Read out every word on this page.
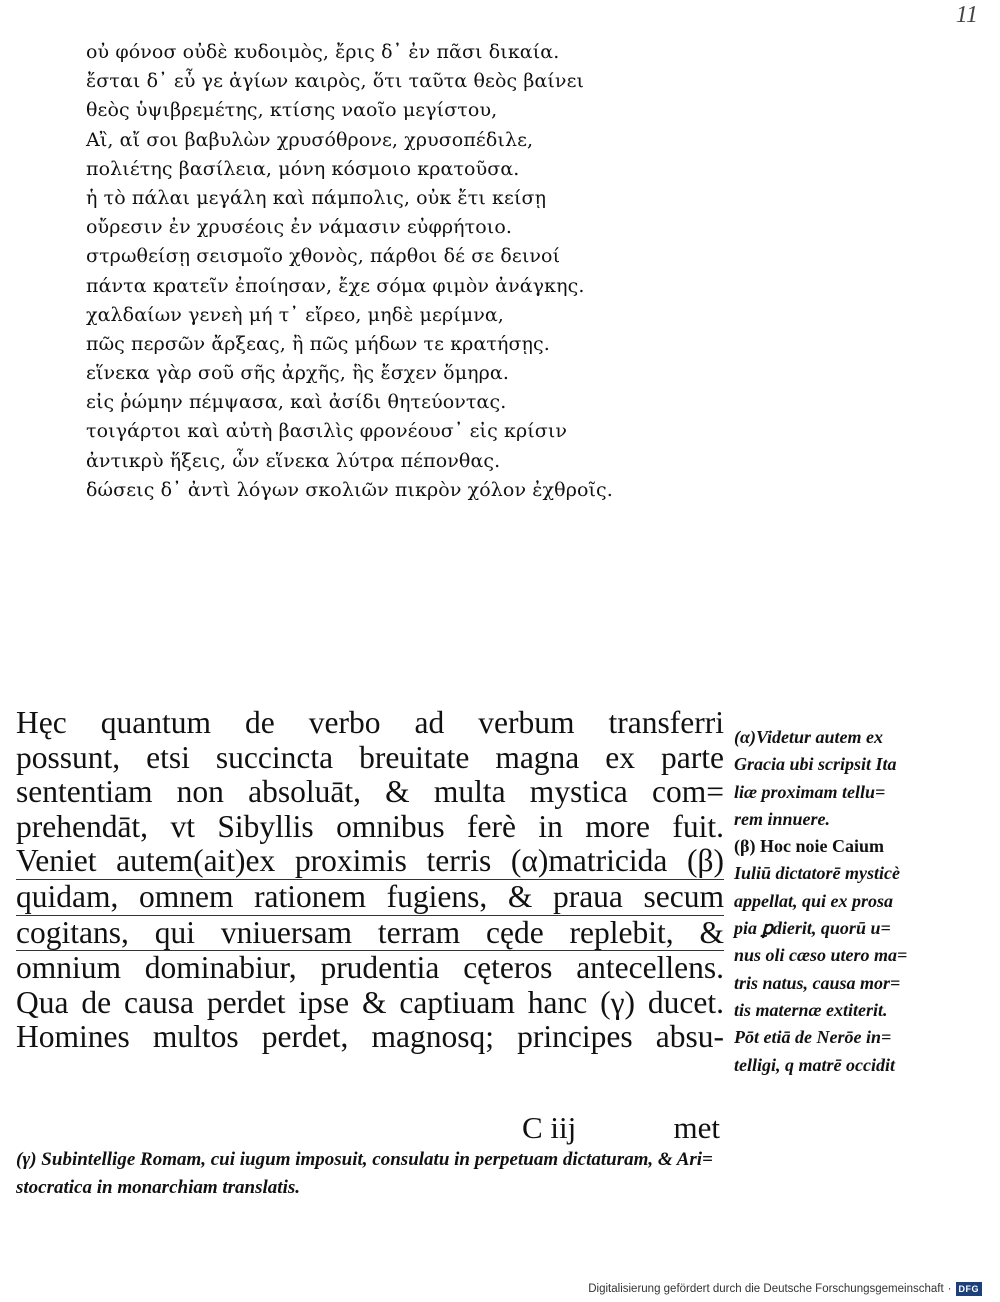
11
οὐ φόνοσ οὐδὲ κυδοιμὸς, ἔρις δ᾽ ἐν πᾶσι δικαία.
ἔσται δ᾽ εὖ γε ἁγίων καιρὸς, ὅτι ταῦτα θεὸς βαίνει
θεὸς ὑψιβρεμέτης, κτίσης ναοῖο μεγίστου,
Αἲ, αἴ σοι βαβυλὼν χρυσόθρονε, χρυσοπέδιλε,
πολιέτης βασίλεια, μόνη κόσμοιο κρατοῦσα.
ἡ τὸ πάλαι μεγάλη καὶ πάμπολις, οὐκ ἔτι κείσῃ
οὔρεσιν ἐν χρυσέοις ἐν νάμασιν εὐφρήτοιο.
στρωθείσῃ σεισμοῖο χθονὸς, πάρθοι δέ σε δεινοί
πάντα κρατεῖν ἐποίησαν, ἔχε σόμα φιμὸν ἀνάγκης.
χαλδαίων γενεὴ μή τ᾽ εἴρεο, μηδὲ μερίμνα,
πῶς περσῶν ἄρξεας, ἢ πῶς μήδων τε κρατήσῃς.
εἵνεκα γὰρ σοῦ σῆς ἀρχῆς, ἣς ἔσχεν ὅμηρα.
εἰς ῥώμην πέμψασα, καὶ ἀσίδι θητεύοντας.
τοιγάρτοι καὶ αὐτὴ βασιλὶς φρονέουσ᾽ εἰς κρίσιν
ἀντικρὺ ἥξεις, ὧν εἵνεκα λύτρα πέπονθας.
δώσεις δ᾽ ἀντὶ λόγων σκολιῶν πικρὸν χόλον ἐχθροῖς.
Hęc quantum de verbo ad verbum transferri
possunt, etsi succincta breuitate magna ex parte
sententiam non absoluāt, & multa mystica com=
prehendāt, vt Sibyllis omnibus ferè in more fuit.
Veniet autem(ait)ex proximis terris (α)matricida (β)
quidam, omnem rationem fugiens, & praua secum
cogitans, qui vniuersam terram cęde replebit, &
omnium dominabiur, prudentia cęteros antecellens.
Qua de causa perdet ipse & captiuam hanc (γ) ducet.
Homines multos perdet, magnosq; principes absu-
C iij	met
(γ) Subintellige Romam, cui iugum imposuit, consulatu in perpetuam dictaturam, & Ari=
stocratica in monarchiam translatis.
(α)Videtur autem ex
Gracia ubi scripsit Ita
liæ proximam tellu=
rem innuere.
(β) Hoc noie Caium
Iuliū dictatorē mysticè
appellat, qui ex prosa
pia ꝑdierit, quorū u=
nus oli cæso utero ma=
tris natus, causa mor=
tis maternæ extiterit.
Pōt etiā de Nerōe in=
telligi, q matrē occidit
Digitalisierung gefördert durch die Deutsche Forschungsgemeinschaft · DFG
